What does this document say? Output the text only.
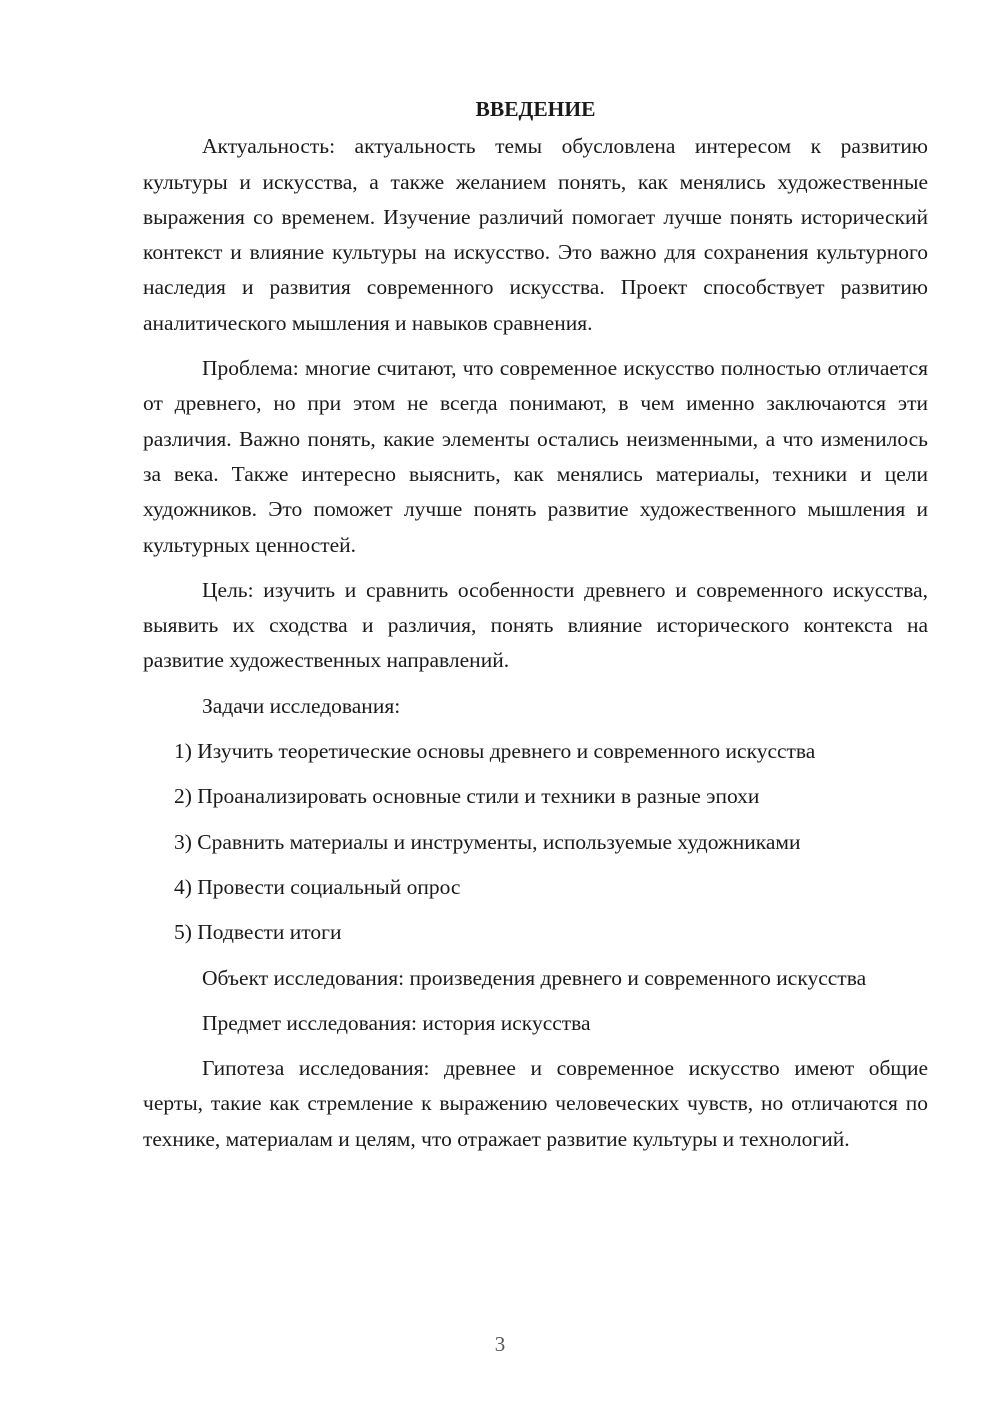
ВВЕДЕНИЕ

Актуальность: актуальность темы обусловлена интересом к развитию культуры и искусства, а также желанием понять, как менялись художественные выражения со временем. Изучение различий помогает лучше понять исторический контекст и влияние культуры на искусство. Это важно для сохранения культурного наследия и развития современного искусства. Проект способствует развитию аналитического мышления и навыков сравнения.

Проблема: многие считают, что современное искусство полностью отличается от древнего, но при этом не всегда понимают, в чем именно заключаются эти различия. Важно понять, какие элементы остались неизменными, а что изменилось за века. Также интересно выяснить, как менялись материалы, техники и цели художников. Это поможет лучше понять развитие художественного мышления и культурных ценностей.

Цель: изучить и сравнить особенности древнего и современного искусства, выявить их сходства и различия, понять влияние исторического контекста на развитие художественных направлений.

Задачи исследования:
1) Изучить теоретические основы древнего и современного искусства
2) Проанализировать основные стили и техники в разные эпохи
3) Сравнить материалы и инструменты, используемые художниками
4) Провести социальный опрос
5) Подвести итоги

Объект исследования: произведения древнего и современного искусства

Предмет исследования: история искусства

Гипотеза исследования: древнее и современное искусство имеют общие черты, такие как стремление к выражению человеческих чувств, но отличаются по технике, материалам и целям, что отражает развитие культуры и технологий.

3
